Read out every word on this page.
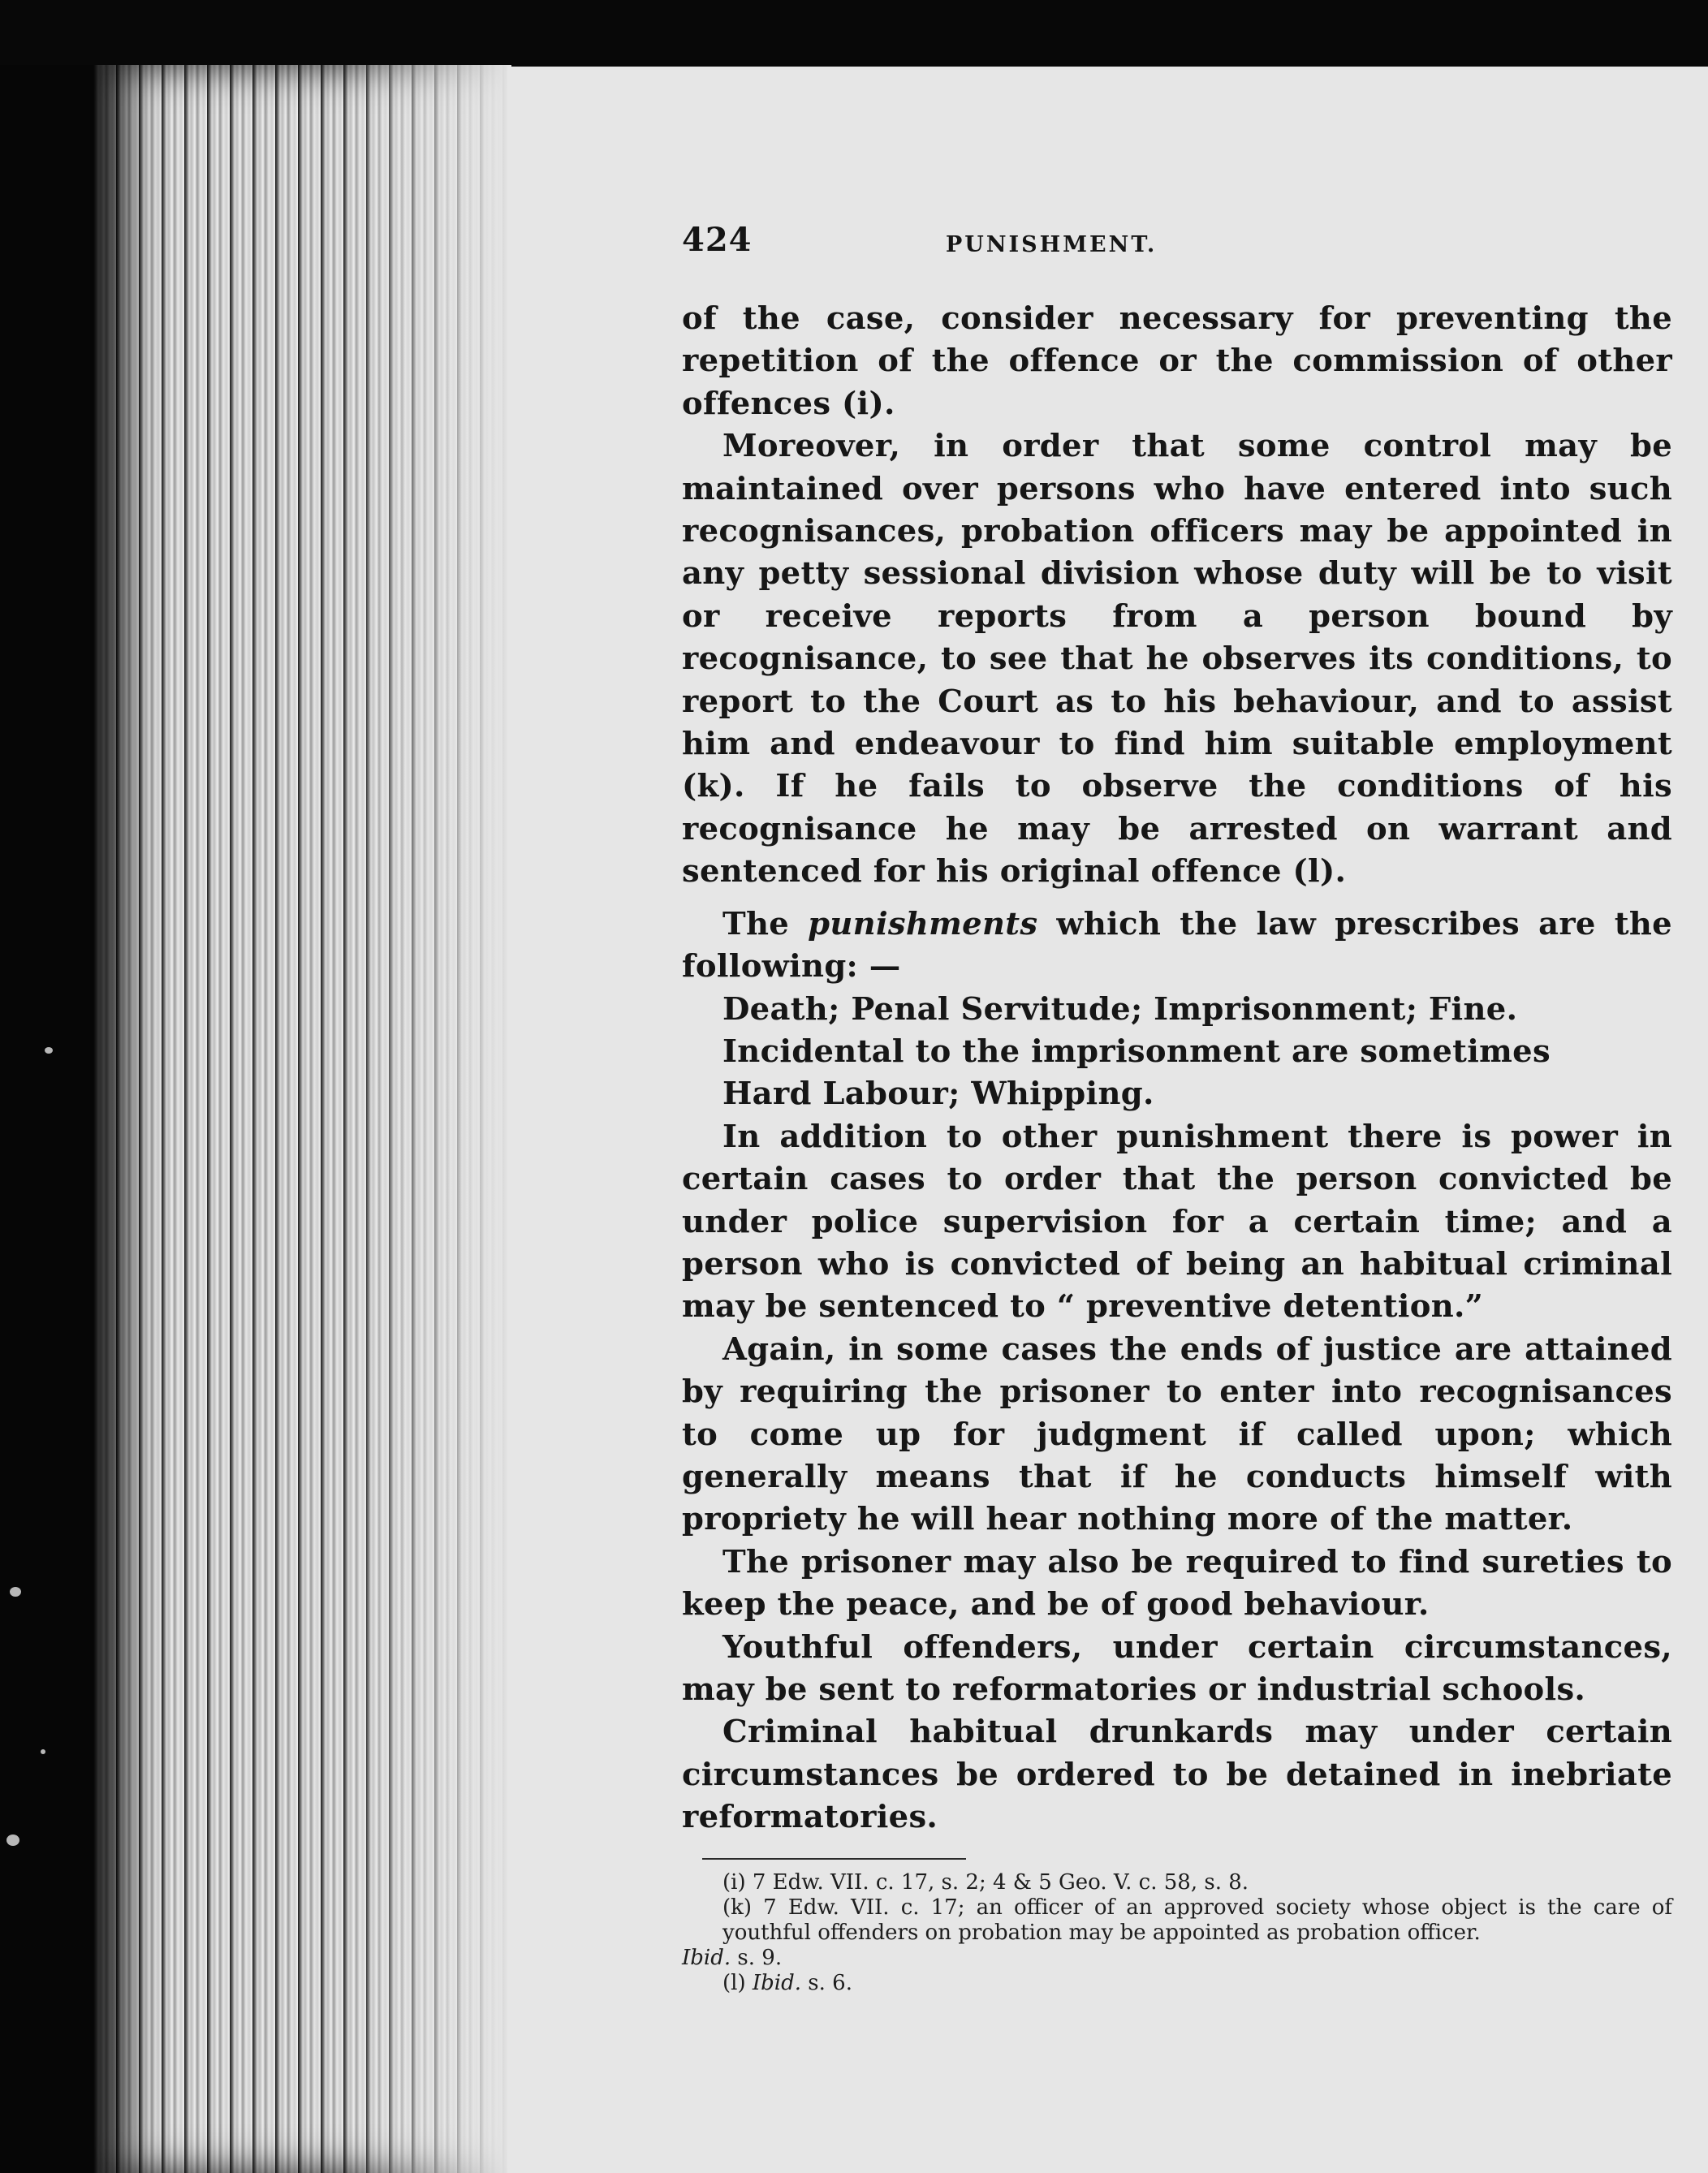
424	PUNISHMENT.

of the case, consider necessary for preventing the repetition of the offence or the commission of other offences (i).

Moreover, in order that some control may be maintained over persons who have entered into such recognisances, probation officers may be appointed in any petty sessional division whose duty will be to visit or receive reports from a person bound by recognisance, to see that he observes its conditions, to report to the Court as to his behaviour, and to assist him and endeavour to find him suitable employment (k). If he fails to observe the conditions of his recognisance he may be arrested on warrant and sentenced for his original offence (l).

The punishments which the law prescribes are the following: —

Death; Penal Servitude; Imprisonment; Fine.

Incidental to the imprisonment are sometimes

Hard Labour; Whipping.

In addition to other punishment there is power in certain cases to order that the person convicted be under police supervision for a certain time; and a person who is convicted of being an habitual criminal may be sentenced to “ preventive detention.”

Again, in some cases the ends of justice are attained by requiring the prisoner to enter into recognisances to come up for judgment if called upon; which generally means that if he conducts himself with propriety he will hear nothing more of the matter.

The prisoner may also be required to find sureties to keep the peace, and be of good behaviour.

Youthful offenders, under certain circumstances, may be sent to reformatories or industrial schools.

Criminal habitual drunkards may under certain circumstances be ordered to be detained in inebriate reformatories.

(i) 7 Edw. VII. c. 17, s. 2; 4 & 5 Geo. V. c. 58, s. 8.

(k) 7 Edw. VII. c. 17; an officer of an approved society whose object is the care of youthful offenders on probation may be appointed as probation officer.

Ibid. s. 9.

(l) Ibid. s. 6.
